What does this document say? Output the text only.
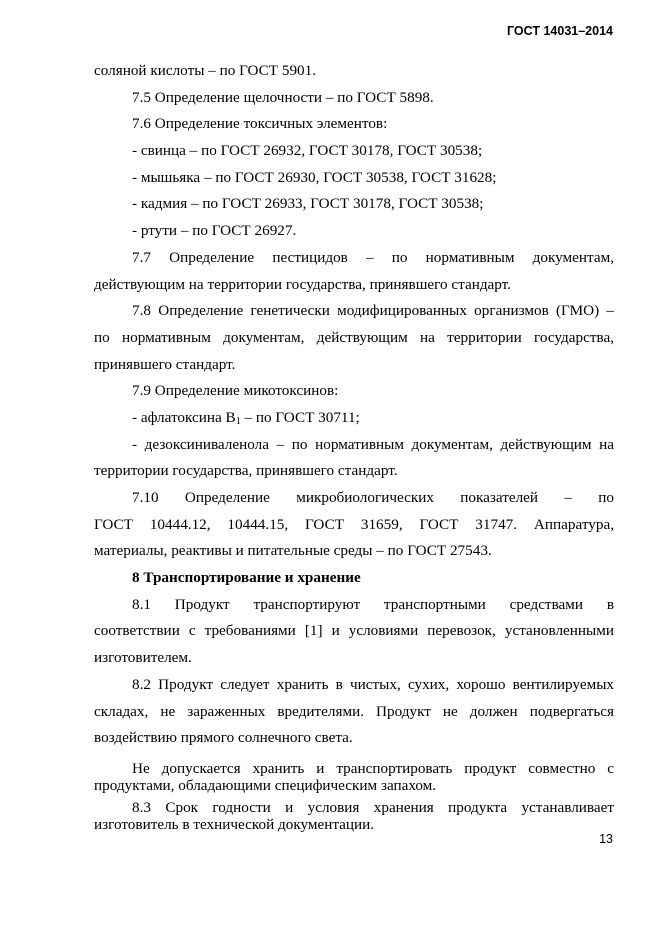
ГОСТ 14031–2014
соляной кислоты – по ГОСТ 5901.
7.5 Определение щелочности – по ГОСТ 5898.
7.6 Определение токсичных элементов:
- свинца – по ГОСТ 26932, ГОСТ 30178, ГОСТ 30538;
- мышьяка – по ГОСТ 26930, ГОСТ 30538, ГОСТ 31628;
- кадмия – по ГОСТ 26933, ГОСТ 30178, ГОСТ 30538;
- ртути – по ГОСТ 26927.
7.7 Определение пестицидов – по нормативным документам,
действующим на территории государства, принявшего стандарт.
7.8 Определение генетически модифицированных организмов (ГМО) –
по нормативным документам, действующим на территории государства,
принявшего стандарт.
7.9 Определение микотоксинов:
- афлатоксина $В_1$ – по ГОСТ 30711;
- дезоксиниваленола – по нормативным документам, действующим на
территории государства, принявшего стандарт.
7.10 Определение микробиологических показателей – по
ГОСТ 10444.12, 10444.15, ГОСТ 31659, ГОСТ 31747. Аппаратура,
материалы, реактивы и питательные среды – по ГОСТ 27543.
8 Транспортирование и хранение
8.1 Продукт транспортируют транспортными средствами в
соответствии с требованиями [1] и условиями перевозок, установленными
изготовителем.
8.2 Продукт следует хранить в чистых, сухих, хорошо вентилируемых
складах, не зараженных вредителями. Продукт не должен подвергаться
воздействию прямого солнечного света.
Не допускается хранить и транспортировать продукт совместно с
продуктами, обладающими специфическим запахом.
8.3 Срок годности и условия хранения продукта устанавливает
изготовитель в технической документации.
13
